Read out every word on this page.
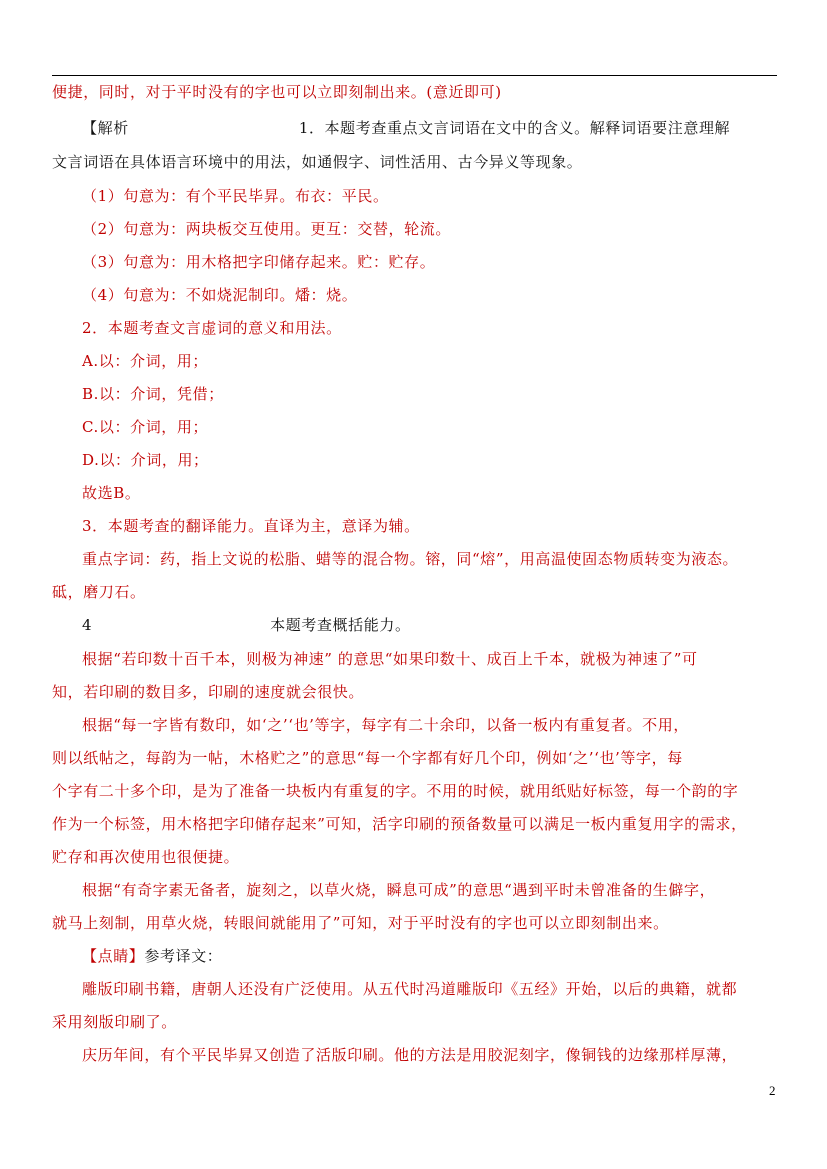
便捷，同时，对于平时没有的字也可以立即刻制出来。(意近即可)
【解析	1．本题考查重点文言词语在文中的含义。解释词语要注意理解
文言词语在具体语言环境中的用法，如通假字、词性活用、古今异义等现象。
（1）句意为：有个平民毕昇。布衣：平民。
（2）句意为：两块板交互使用。更互：交替，轮流。
（3）句意为：用木格把字印储存起来。贮：贮存。
（4）句意为：不如烧泥制印。燔：烧。
2．本题考查文言虚词的意义和用法。
A.以：介词，用；
B.以：介词，凭借；
C.以：介词，用；
D.以：介词，用；
故选B。
3．本题考查的翻译能力。直译为主，意译为辅。
重点字词：药，指上文说的松脂、蜡等的混合物。镕，同“熔”，用高温使固态物质转变为液态。
砥，磨刀石。
4	本题考查概括能力。
根据“若印数十百千本，则极为神速” 的意思“如果印数十、成百上千本，就极为神速了”可
知，若印刷的数目多，印刷的速度就会很快。
根据“每一字皆有数印，如‘之’‘也’等字，每字有二十余印，以备一板内有重复者。不用，
则以纸帖之，每韵为一帖，木格贮之”的意思“每一个字都有好几个印，例如‘之’‘也’等字，每
个字有二十多个印，是为了准备一块板内有重复的字。不用的时候，就用纸贴好标签，每一个韵的字
作为一个标签，用木格把字印储存起来”可知，活字印刷的预备数量可以满足一板内重复用字的需求，
贮存和再次使用也很便捷。
根据“有奇字素无备者，旋刻之，以草火烧，瞬息可成”的意思“遇到平时未曾准备的生僻字，
就马上刻制，用草火烧，转眼间就能用了”可知，对于平时没有的字也可以立即刻制出来。
【点睛】参考译文：
雕版印刷书籍，唐朝人还没有广泛使用。从五代时冯道雕版印《五经》开始，以后的典籍，就都
采用刻版印刷了。
庆历年间，有个平民毕昇又创造了活版印刷。他的方法是用胶泥刻字，像铜钱的边缘那样厚薄，
2
